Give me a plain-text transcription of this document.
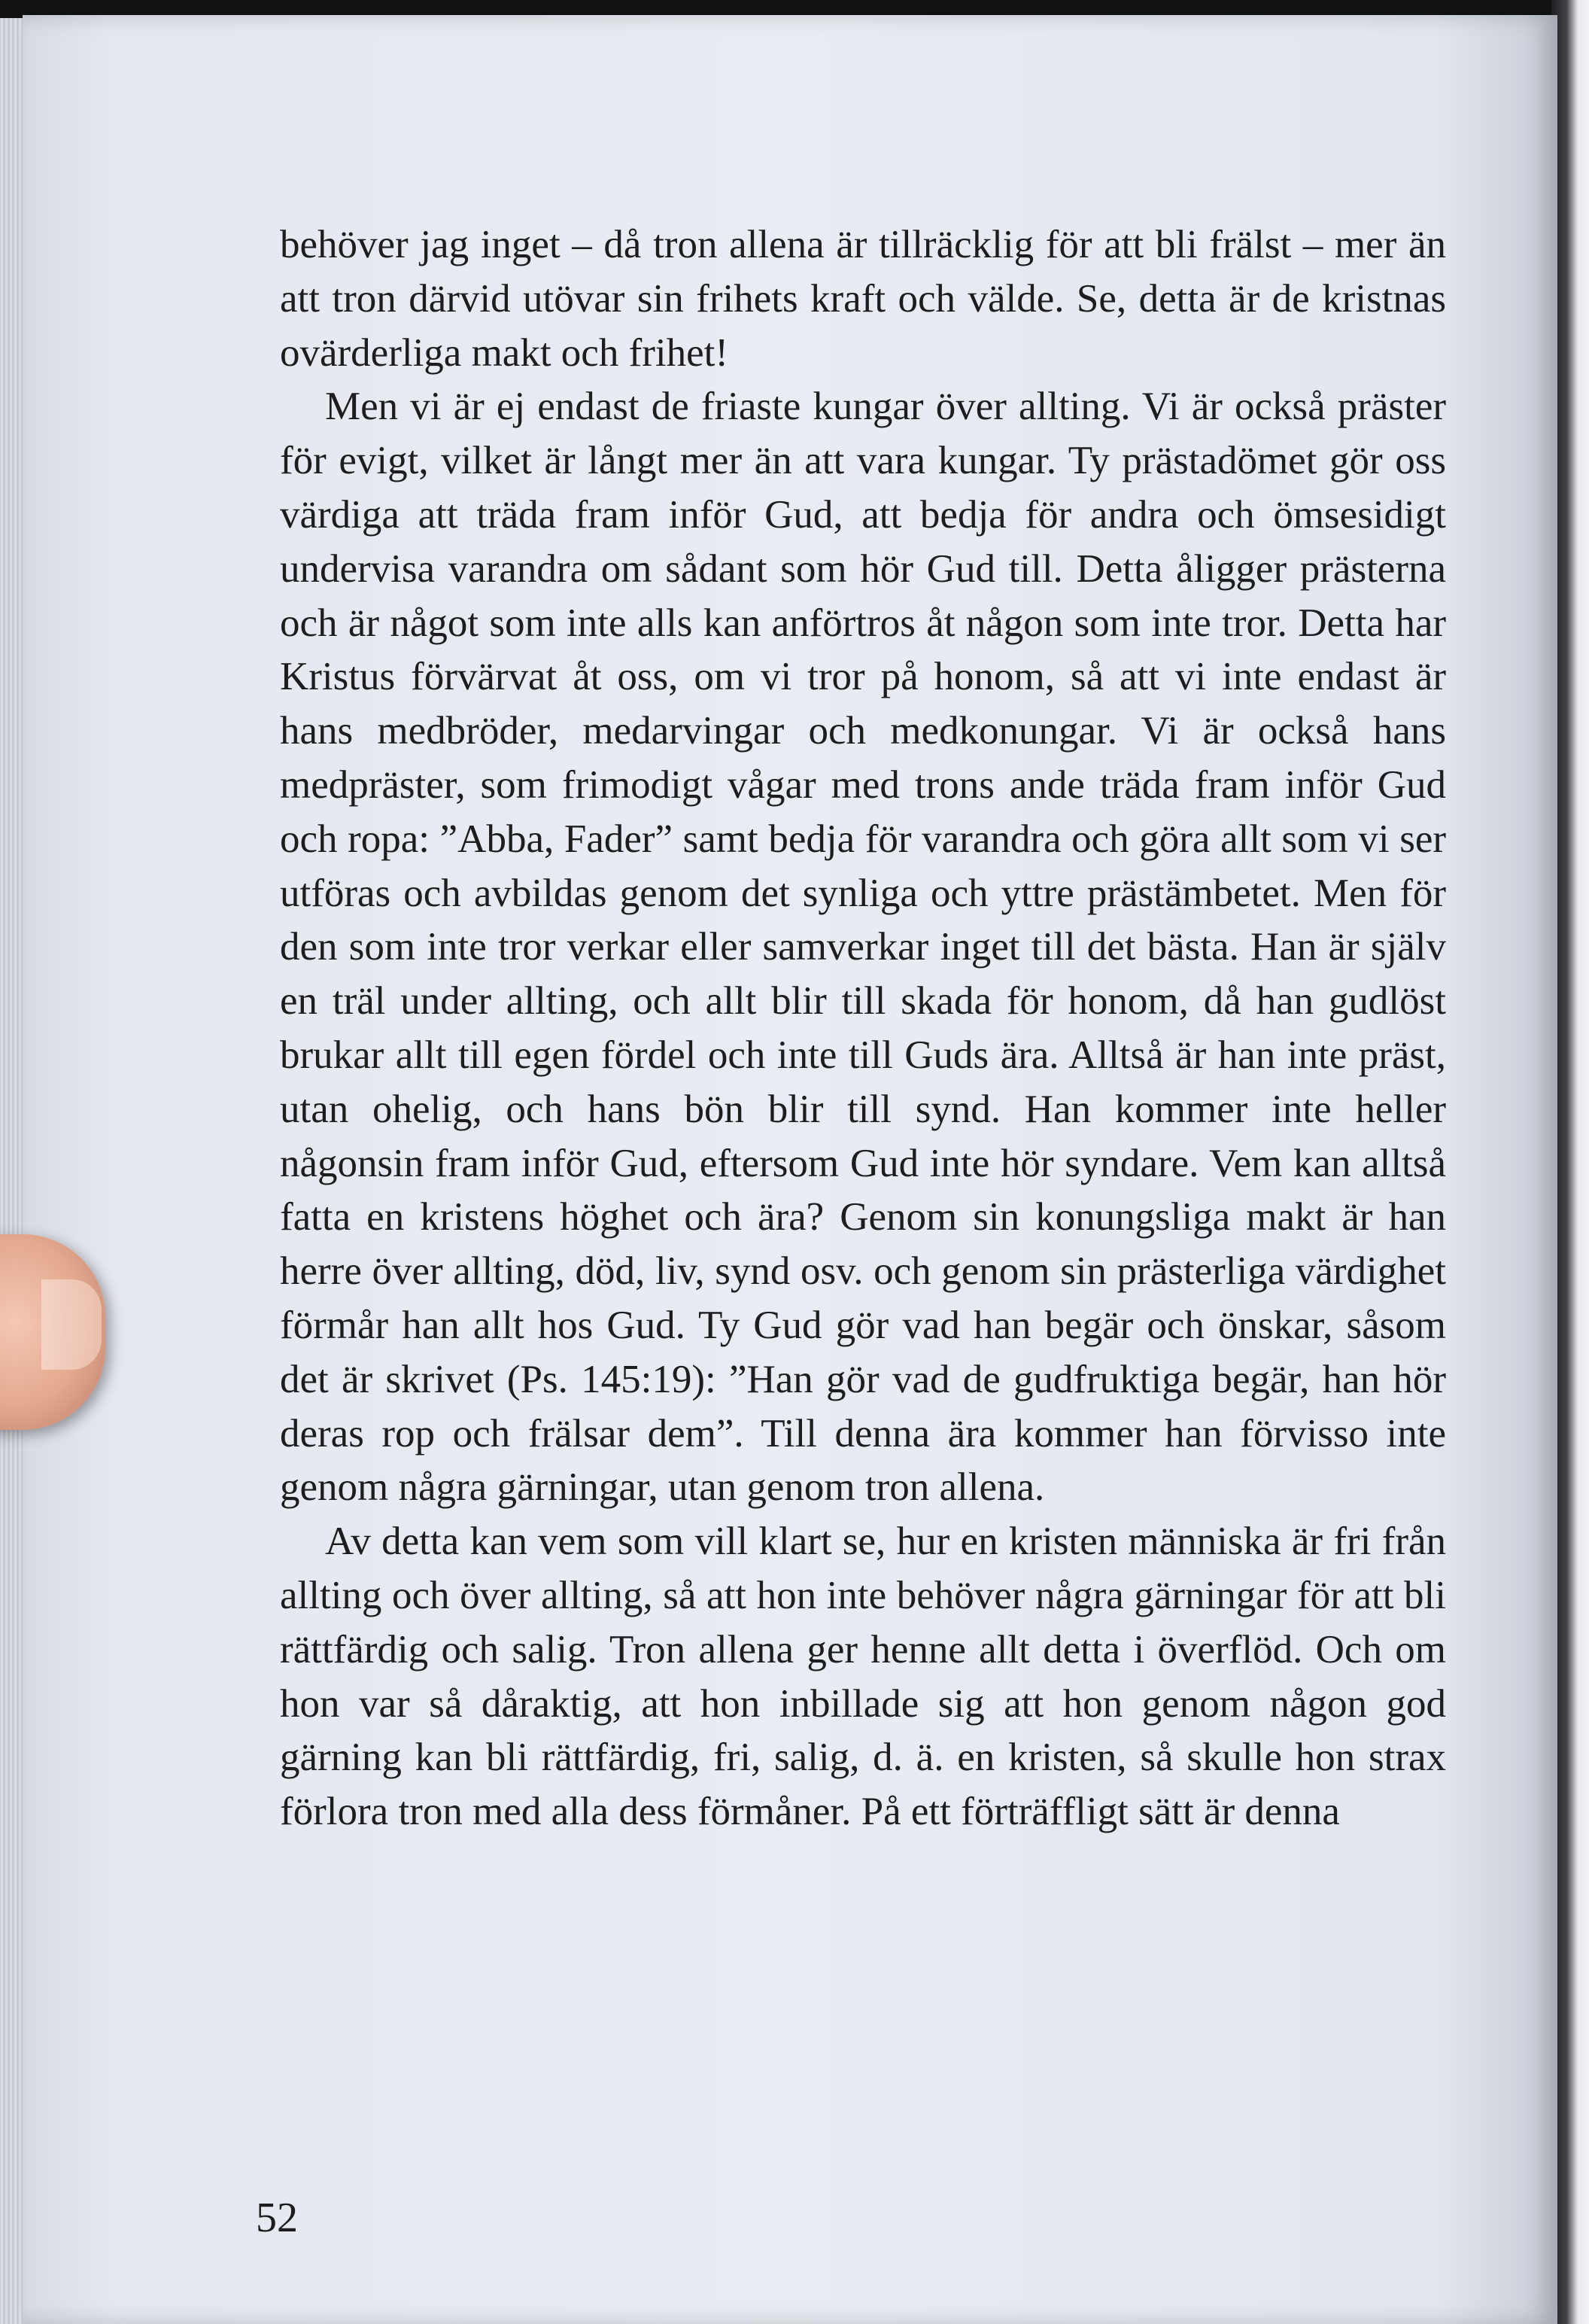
behöver jag inget – då tron allena är tillräcklig för att bli frälst – mer än att tron därvid utövar sin frihets kraft och välde. Se, detta är de kristnas ovärderliga makt och frihet!

Men vi är ej endast de friaste kungar över allting. Vi är också präster för evigt, vilket är långt mer än att vara kungar. Ty prästadömet gör oss värdiga att träda fram inför Gud, att bedja för andra och ömsesidigt undervisa varandra om sådant som hör Gud till. Detta åligger prästerna och är något som inte alls kan anförtros åt någon som inte tror. Detta har Kristus förvärvat åt oss, om vi tror på honom, så att vi inte endast är hans medbröder, medarvingar och medkonungar. Vi är också hans medpräster, som frimodigt vågar med trons ande träda fram inför Gud och ropa: ”Abba, Fader” samt bedja för varandra och göra allt som vi ser utföras och avbildas genom det synliga och yttre prästämbetet. Men för den som inte tror verkar eller samverkar inget till det bästa. Han är själv en träl under allting, och allt blir till skada för honom, då han gudlöst brukar allt till egen fördel och inte till Guds ära. Alltså är han inte präst, utan ohelig, och hans bön blir till synd. Han kommer inte heller någonsin fram inför Gud, eftersom Gud inte hör syndare. Vem kan alltså fatta en kristens höghet och ära? Genom sin konungsliga makt är han herre över allting, död, liv, synd osv. och genom sin prästerliga värdighet förmår han allt hos Gud. Ty Gud gör vad han begär och önskar, såsom det är skrivet (Ps. 145:19): ”Han gör vad de gudfruktiga begär, han hör deras rop och frälsar dem”. Till denna ära kommer han förvisso inte genom några gärningar, utan genom tron allena.

Av detta kan vem som vill klart se, hur en kristen människa är fri från allting och över allting, så att hon inte behöver några gärningar för att bli rättfärdig och salig. Tron allena ger henne allt detta i överflöd. Och om hon var så dåraktig, att hon inbillade sig att hon genom någon god gärning kan bli rättfärdig, fri, salig, d. ä. en kristen, så skulle hon strax förlora tron med alla dess förmåner. På ett förträffligt sätt är denna

52
